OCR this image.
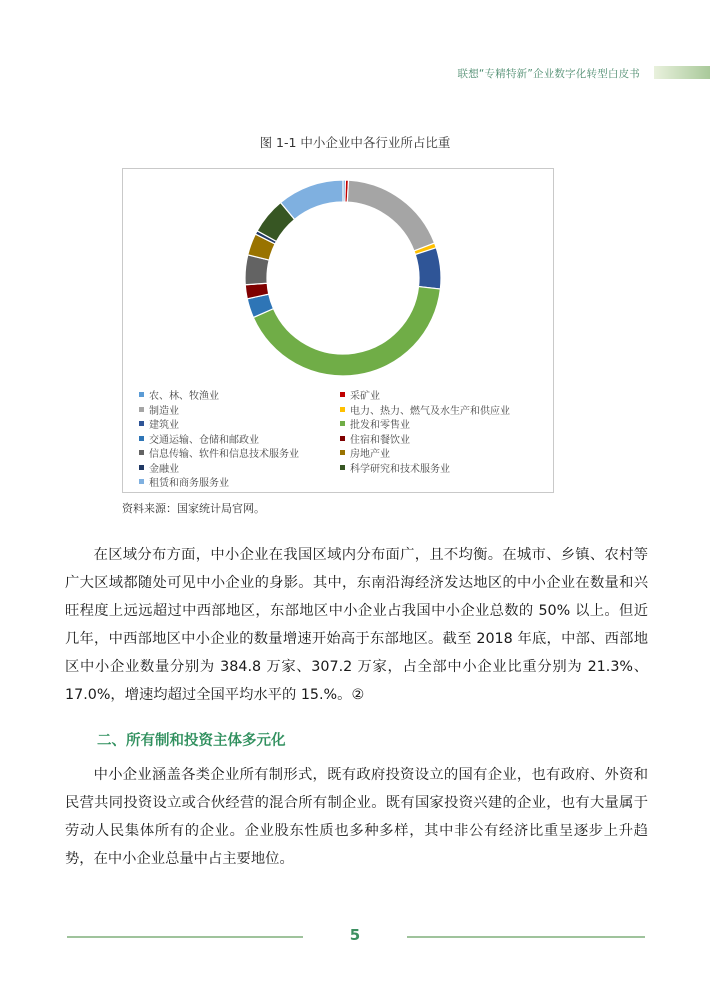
联想“专精特新”企业数字化转型白皮书
图 1-1 中小企业中各行业所占比重
农、林、牧渔业	采矿业
制造业	电力、热力、燃气及水生产和供应业
建筑业	批发和零售业
交通运输、仓储和邮政业	住宿和餐饮业
信息传输、软件和信息技术服务业	房地产业
金融业	科学研究和技术服务业
租赁和商务服务业
资料来源：国家统计局官网。

在区域分布方面，中小企业在我国区域内分布面广，且不均衡。在城市、乡镇、农村等广大区域都随处可见中小企业的身影。其中，东南沿海经济发达地区的中小企业在数量和兴旺程度上远远超过中西部地区，东部地区中小企业占我国中小企业总数的 50% 以上。但近几年，中西部地区中小企业的数量增速开始高于东部地区。截至 2018 年底，中部、西部地区中小企业数量分别为 384.8 万家、307.2 万家，占全部中小企业比重分别为 21.3%、17.0%，增速均超过全国平均水平的 15.%。②

二、所有制和投资主体多元化

中小企业涵盖各类企业所有制形式，既有政府投资设立的国有企业，也有政府、外资和民营共同投资设立或合伙经营的混合所有制企业。既有国家投资兴建的企业，也有大量属于劳动人民集体所有的企业。企业股东性质也多种多样，其中非公有经济比重呈逐步上升趋势，在中小企业总量中占主要地位。

5
